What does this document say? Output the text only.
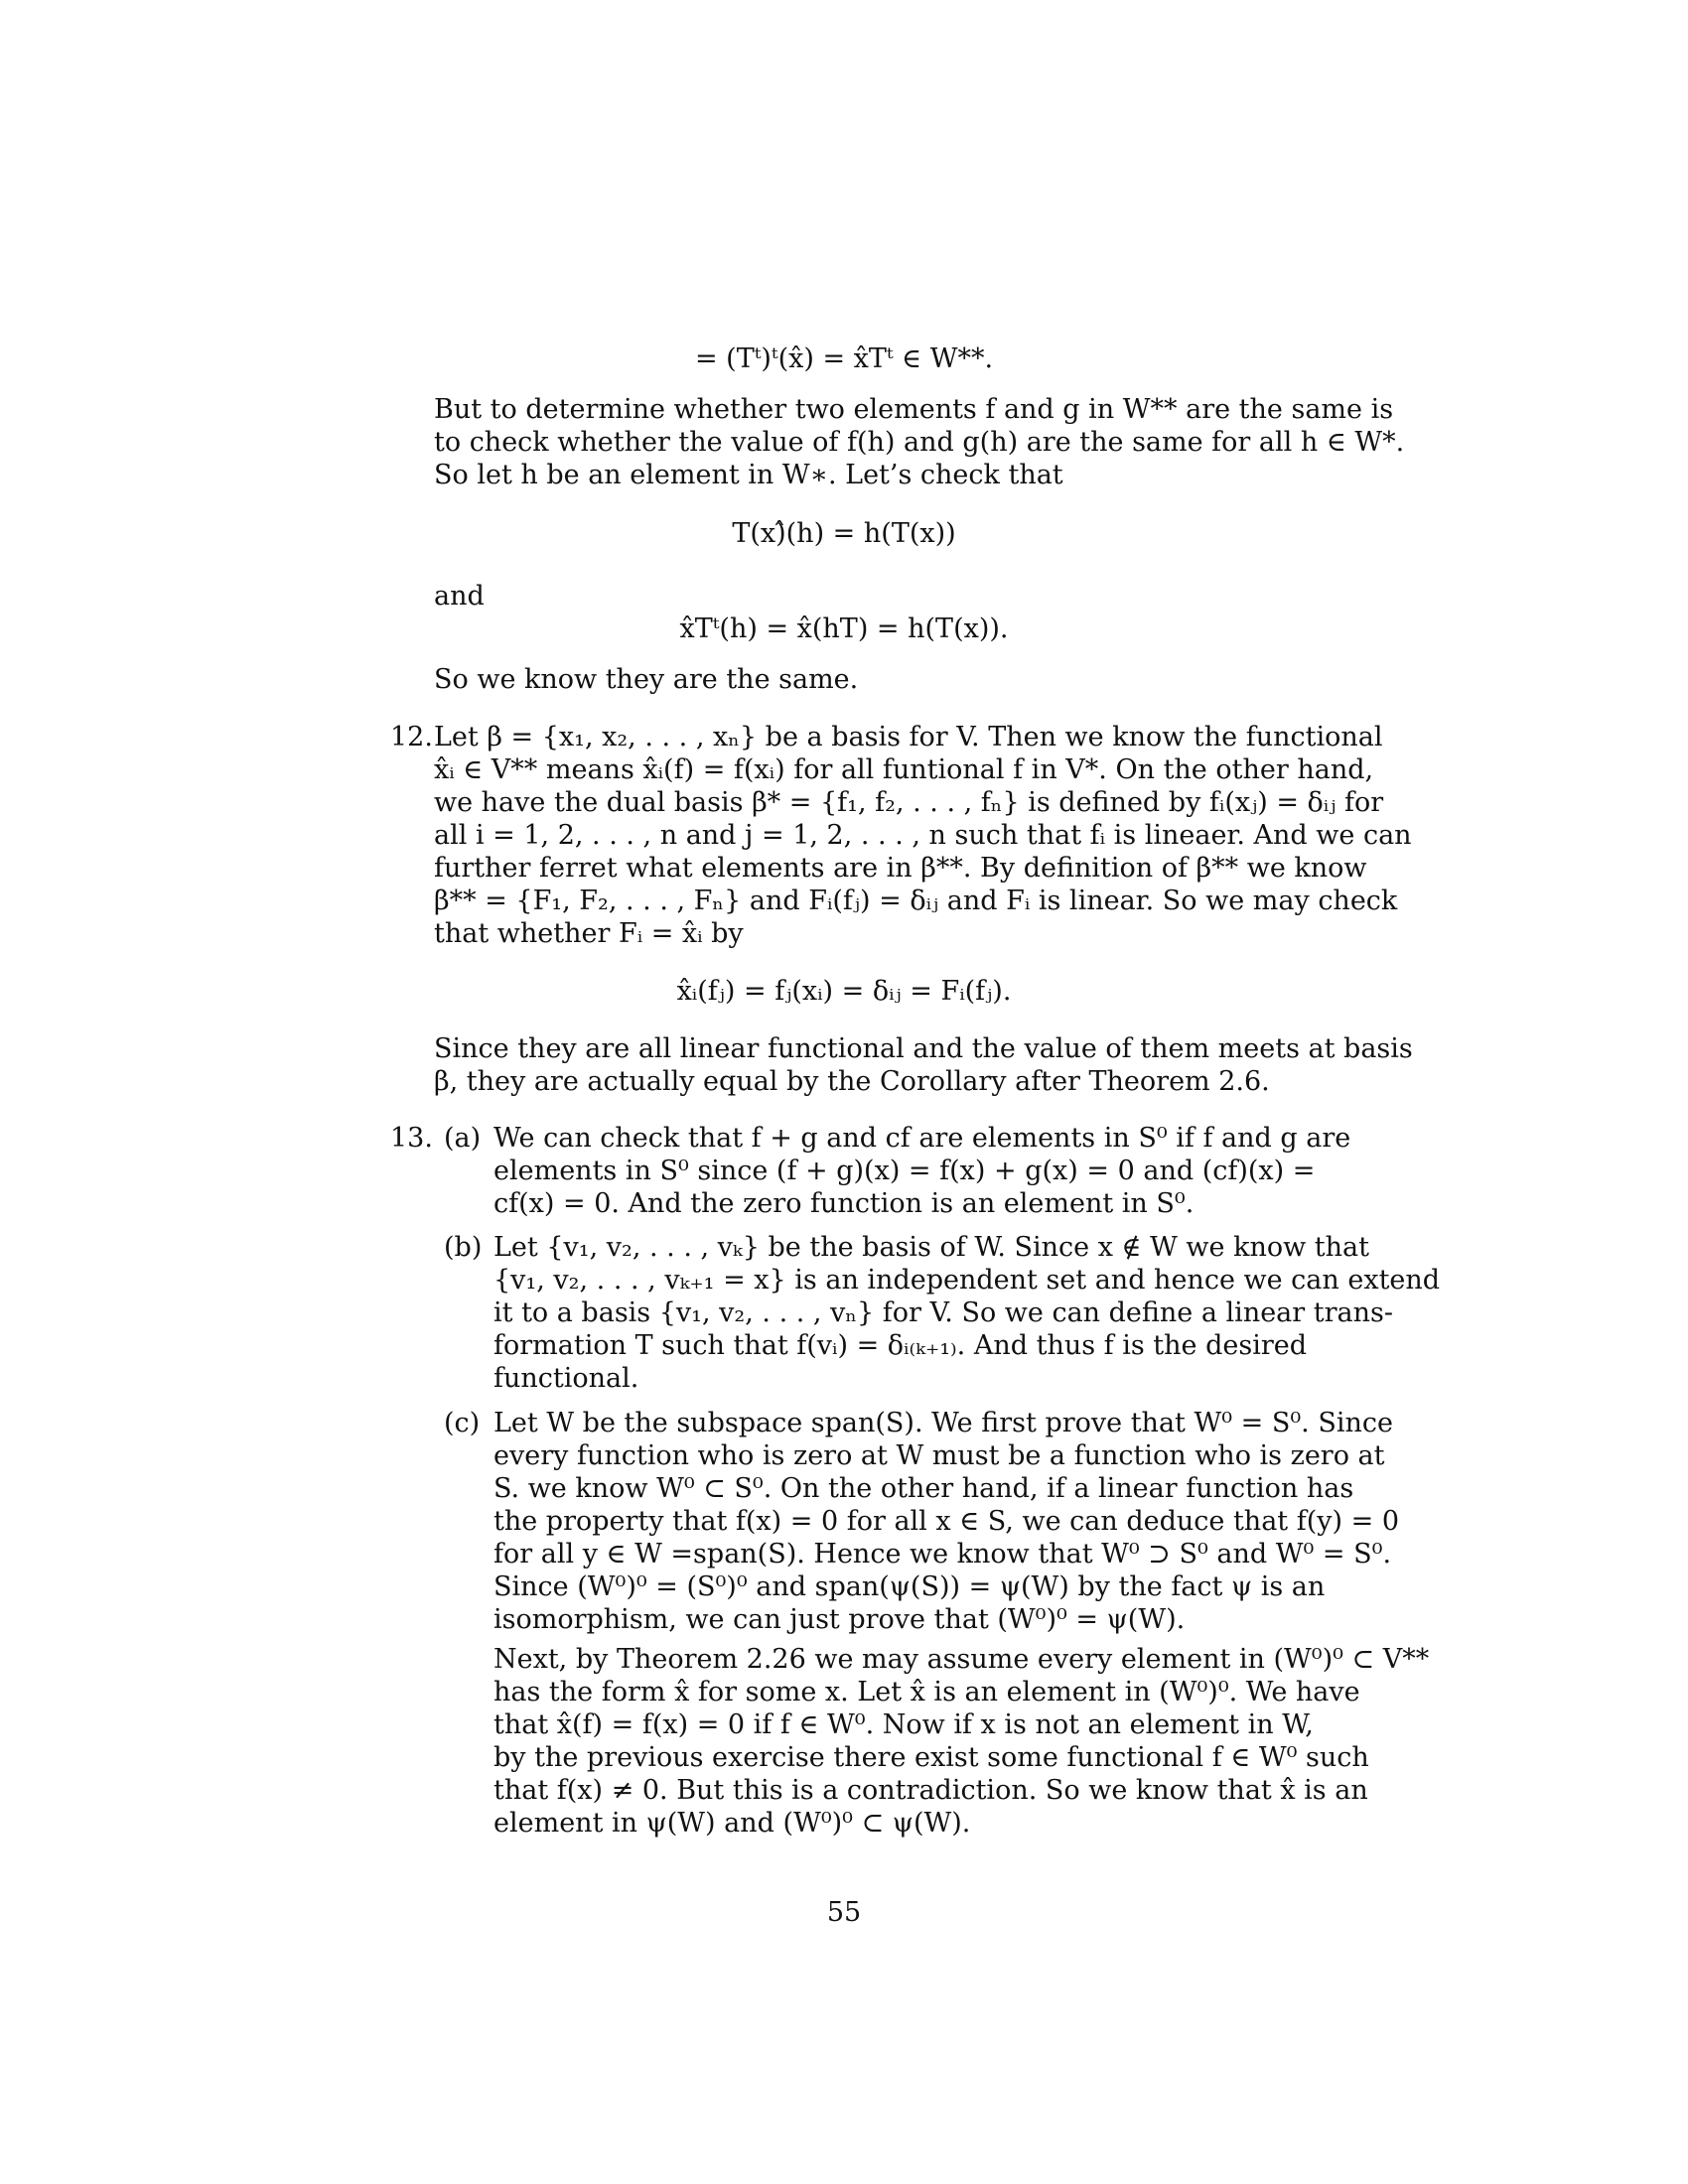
= (Tᵗ)ᵗ(x̂) = x̂Tᵗ ∈ W**.
But to determine whether two elements f and g in W** are the same is
to check whether the value of f(h) and g(h) are the same for all h ∈ W*.
So let h be an element in W∗. Let’s check that
T(x)̂(h) = h(T(x))
and
x̂Tᵗ(h) = x̂(hT) = h(T(x)).
So we know they are the same.
12. Let β = {x₁, x₂, . . . , xₙ} be a basis for V. Then we know the functional
x̂ᵢ ∈ V** means x̂ᵢ(f) = f(xᵢ) for all funtional f in V*. On the other hand,
we have the dual basis β* = {f₁, f₂, . . . , fₙ} is defined by fᵢ(xⱼ) = δᵢⱼ for
all i = 1, 2, . . . , n and j = 1, 2, . . . , n such that fᵢ is lineaer. And we can
further ferret what elements are in β**. By definition of β** we know
β** = {F₁, F₂, . . . , Fₙ} and Fᵢ(fⱼ) = δᵢⱼ and Fᵢ is linear. So we may check
that whether Fᵢ = x̂ᵢ by
x̂ᵢ(fⱼ) = fⱼ(xᵢ) = δᵢⱼ = Fᵢ(fⱼ).
Since they are all linear functional and the value of them meets at basis
β, they are actually equal by the Corollary after Theorem 2.6.
13. (a) We can check that f + g and cf are elements in S⁰ if f and g are
elements in S⁰ since (f + g)(x) = f(x) + g(x) = 0 and (cf)(x) =
cf(x) = 0. And the zero function is an element in S⁰.
(b) Let {v₁, v₂, . . . , vₖ} be the basis of W. Since x ∉ W we know that
{v₁, v₂, . . . , vₖ₊₁ = x} is an independent set and hence we can extend
it to a basis {v₁, v₂, . . . , vₙ} for V. So we can define a linear trans-
formation T such that f(vᵢ) = δᵢ₍ₖ₊₁₎. And thus f is the desired
functional.
(c) Let W be the subspace span(S). We first prove that W⁰ = S⁰. Since
every function who is zero at W must be a function who is zero at
S. we know W⁰ ⊂ S⁰. On the other hand, if a linear function has
the property that f(x) = 0 for all x ∈ S, we can deduce that f(y) = 0
for all y ∈ W =span(S). Hence we know that W⁰ ⊃ S⁰ and W⁰ = S⁰.
Since (W⁰)⁰ = (S⁰)⁰ and span(ψ(S)) = ψ(W) by the fact ψ is an
isomorphism, we can just prove that (W⁰)⁰ = ψ(W).
Next, by Theorem 2.26 we may assume every element in (W⁰)⁰ ⊂ V**
has the form x̂ for some x. Let x̂ is an element in (W⁰)⁰. We have
that x̂(f) = f(x) = 0 if f ∈ W⁰. Now if x is not an element in W,
by the previous exercise there exist some functional f ∈ W⁰ such
that f(x) ≠ 0. But this is a contradiction. So we know that x̂ is an
element in ψ(W) and (W⁰)⁰ ⊂ ψ(W).
55
